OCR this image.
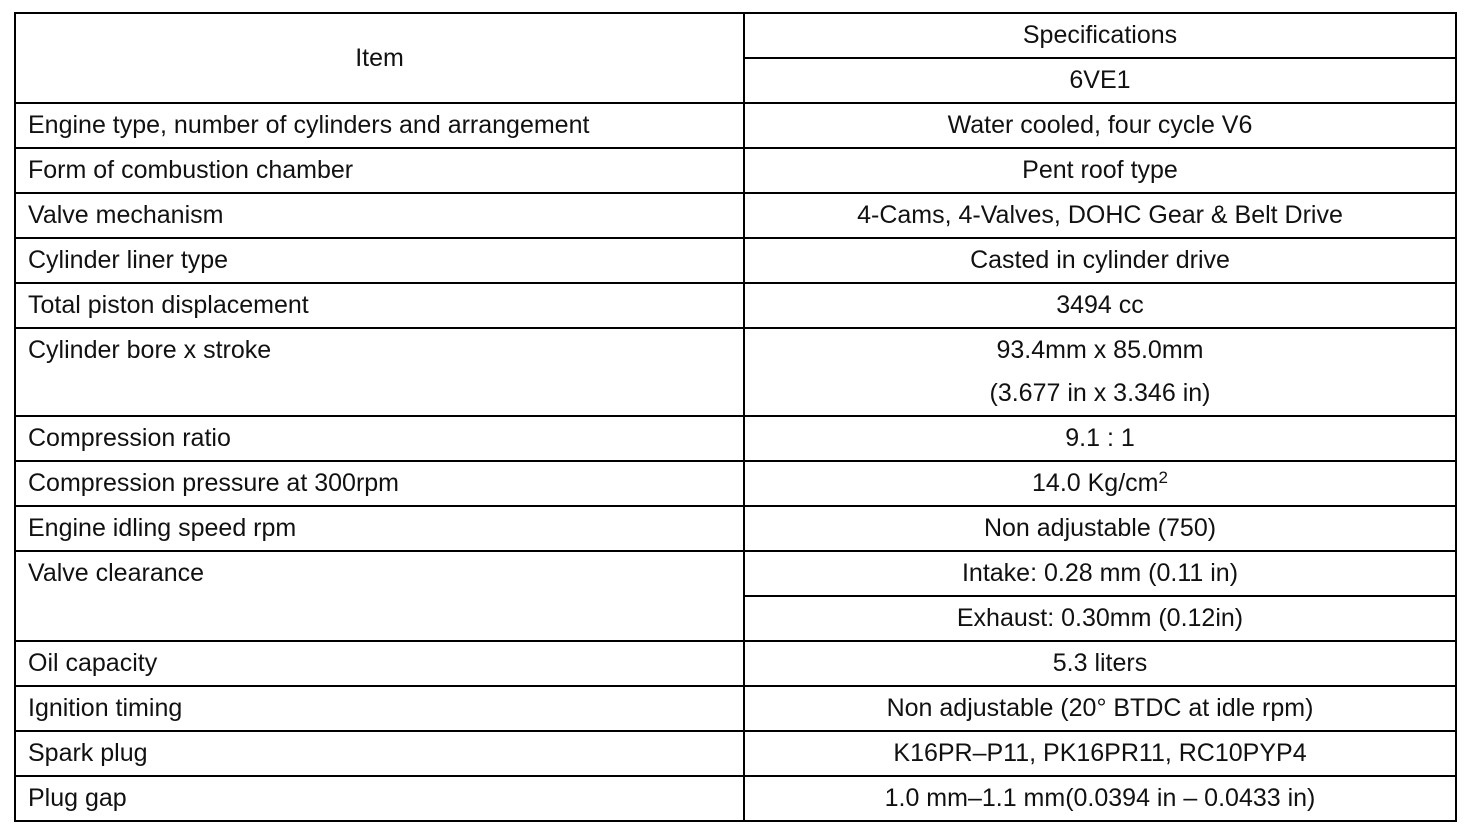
Item	Specifications
	6VE1
Engine type, number of cylinders and arrangement	Water cooled, four cycle V6
Form of combustion chamber	Pent roof type
Valve mechanism	4-Cams, 4-Valves, DOHC Gear & Belt Drive
Cylinder liner type	Casted in cylinder drive
Total piston displacement	3494 cc
Cylinder bore x stroke	93.4mm x 85.0mm
(3.677 in x 3.346 in)

Compression ratio	9.1 : 1
Compression pressure at 300rpm	14.0 $Kg/cm^2$
Engine idling speed rpm	Non adjustable (750)
Valve clearance	Intake: 0.28 mm (0.11 in)
	Exhaust: 0.30mm (0.12in)
Oil capacity	5.3 liters
Ignition timing	Non adjustable (20° BTDC at idle rpm)
Spark plug	K16PR–P11, PK16PR11, RC10PYP4
Plug gap	1.0 mm–1.1 mm(0.0394 in – 0.0433 in)
